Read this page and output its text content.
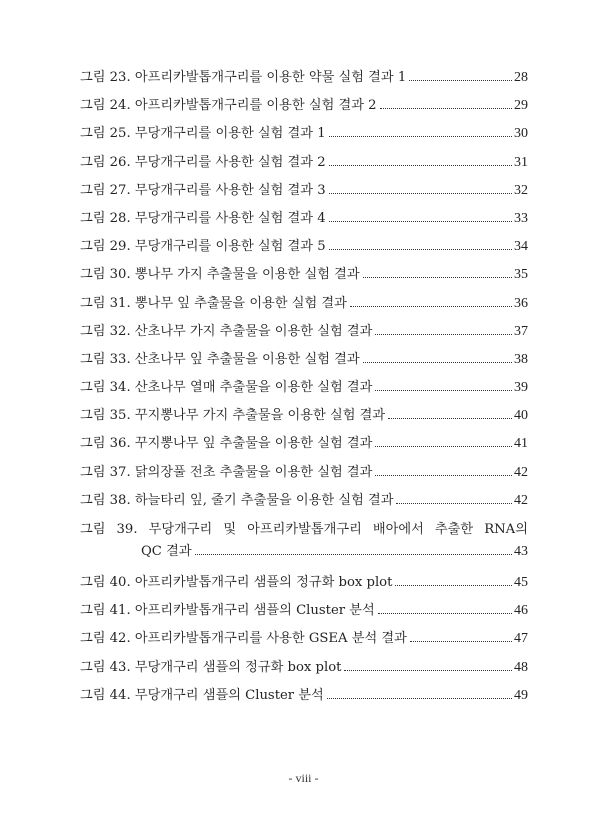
그림 23. 아프리카발톱개구리를 이용한 약물 실험 결과 1	28
그림 24. 아프리카발톱개구리를 이용한 실험 결과 2	29
그림 25. 무당개구리를 이용한 실험 결과 1	30
그림 26. 무당개구리를 사용한 실험 결과 2	31
그림 27. 무당개구리를 사용한 실험 결과 3	32
그림 28. 무당개구리를 사용한 실험 결과 4	33
그림 29. 무당개구리를 이용한 실험 결과 5	34
그림 30. 뽕나무 가지 추출물을 이용한 실험 결과	35
그림 31. 뽕나무 잎 추출물을 이용한 실험 결과	36
그림 32. 산초나무 가지 추출물을 이용한 실험 결과	37
그림 33. 산초나무 잎 추출물을 이용한 실험 결과	38
그림 34. 산초나무 열매 추출물을 이용한 실험 결과	39
그림 35. 꾸지뽕나무 가지 추출물을 이용한 실험 결과	40
그림 36. 꾸지뽕나무 잎 추출물을 이용한 실험 결과	41
그림 37. 닭의장풀 전초 추출물을 이용한 실험 결과	42
그림 38. 하늘타리 잎, 줄기 추출물을 이용한 실험 결과	42
그림 39. 무당개구리 및 아프리카발톱개구리 배아에서 추출한 RNA의
QC 결과	43
그림 40. 아프리카발톱개구리 샘플의 정규화 box plot	45
그림 41. 아프리카발톱개구리 샘플의 Cluster 분석	46
그림 42. 아프리카발톱개구리를 사용한 GSEA 분석 결과	47
그림 43. 무당개구리 샘플의 정규화 box plot	48
그림 44. 무당개구리 샘플의 Cluster 분석	49
- viii -
